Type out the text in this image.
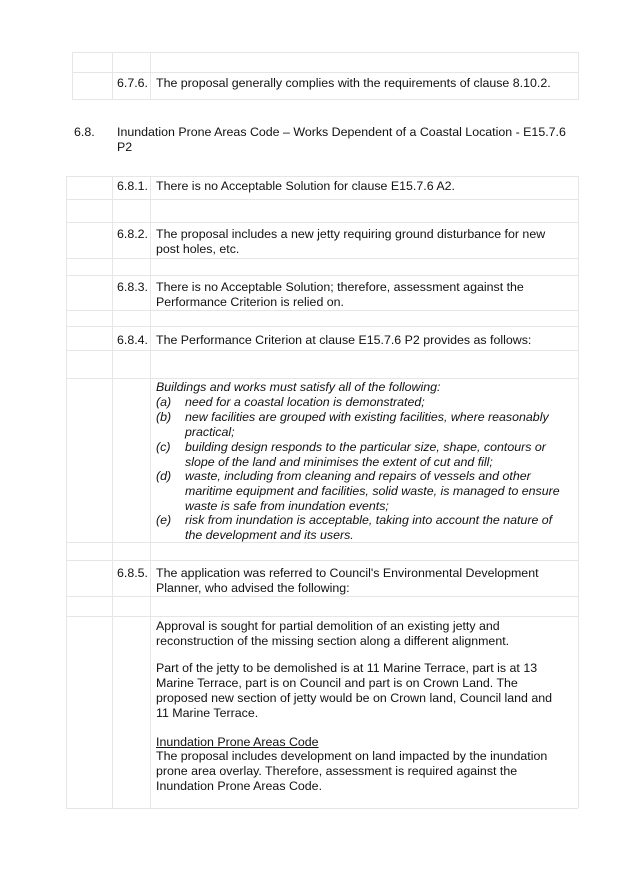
6.7.6. The proposal generally complies with the requirements of clause 8.10.2.
6.8. Inundation Prone Areas Code – Works Dependent of a Coastal Location - E15.7.6
P2
6.8.1. There is no Acceptable Solution for clause E15.7.6 A2.
6.8.2. The proposal includes a new jetty requiring ground disturbance for new
post holes, etc.
6.8.3. There is no Acceptable Solution; therefore, assessment against the
Performance Criterion is relied on.
6.8.4. The Performance Criterion at clause E15.7.6 P2 provides as follows:
Buildings and works must satisfy all of the following:
(a) need for a coastal location is demonstrated;
(b) new facilities are grouped with existing facilities, where reasonably
practical;
(c) building design responds to the particular size, shape, contours or
slope of the land and minimises the extent of cut and fill;
(d) waste, including from cleaning and repairs of vessels and other
maritime equipment and facilities, solid waste, is managed to ensure
waste is safe from inundation events;
(e) risk from inundation is acceptable, taking into account the nature of
the development and its users.
6.8.5. The application was referred to Council's Environmental Development
Planner, who advised the following:
Approval is sought for partial demolition of an existing jetty and
reconstruction of the missing section along a different alignment.
Part of the jetty to be demolished is at 11 Marine Terrace, part is at 13
Marine Terrace, part is on Council and part is on Crown Land. The
proposed new section of jetty would be on Crown land, Council land and
11 Marine Terrace.
Inundation Prone Areas Code
The proposal includes development on land impacted by the inundation
prone area overlay. Therefore, assessment is required against the
Inundation Prone Areas Code.
